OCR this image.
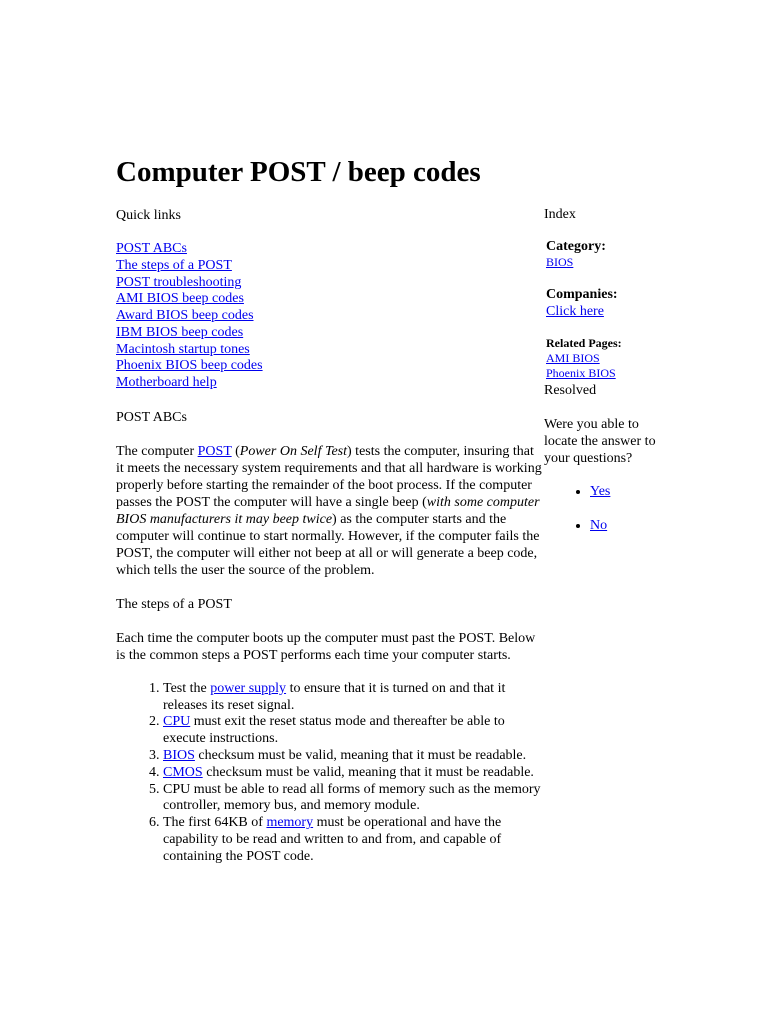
Computer POST / beep codes
Quick links
POST ABCs
The steps of a POST
POST troubleshooting
AMI BIOS beep codes
Award BIOS beep codes
IBM BIOS beep codes
Macintosh startup tones
Phoenix BIOS beep codes
Motherboard help
POST ABCs

The computer POST (Power On Self Test) tests the computer, insuring that it meets the necessary system requirements and that all hardware is working properly before starting the remainder of the boot process. If the computer passes the POST the computer will have a single beep (with some computer BIOS manufacturers it may beep twice) as the computer starts and the computer will continue to start normally. However, if the computer fails the POST, the computer will either not beep at all or will generate a beep code, which tells the user the source of the problem.

The steps of a POST

Each time the computer boots up the computer must past the POST. Below is the common steps a POST performs each time your computer starts.

1. Test the power supply to ensure that it is turned on and that it releases its reset signal.
2. CPU must exit the reset status mode and thereafter be able to execute instructions.
3. BIOS checksum must be valid, meaning that it must be readable.
4. CMOS checksum must be valid, meaning that it must be readable.
5. CPU must be able to read all forms of memory such as the memory controller, memory bus, and memory module.
6. The first 64KB of memory must be operational and have the capability to be read and written to and from, and capable of containing the POST code.
Index
Category:
BIOS
Companies:
Click here
Related Pages:
AMI BIOS
Phoenix BIOS
Resolved
Were you able to locate the answer to your questions?
• Yes
• No
